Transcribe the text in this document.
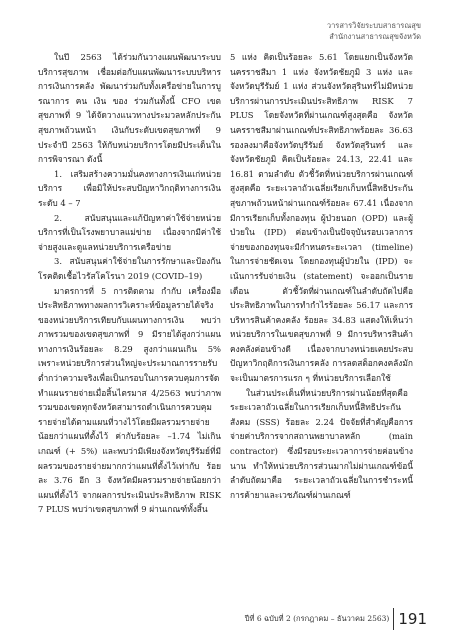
วารสารวิจัยระบบสาธารณสุข
สำนักงานสาธารณสุขจังหวัด

ในปี 2563 ได้ร่วมกันวางแผนพัฒนาระบบบริการสุขภาพ เชื่อมต่อกับแผนพัฒนาระบบบริหารการเงินการคลัง พัฒนาร่วมกับทั้งเครือข่ายในการบูรณาการ คน เงิน ของ ร่วมกันทั้งนี้ CFO เขตสุขภาพที่ 9 ได้จัดวางแนวทางประมวลหลักประกันสุขภาพถ้วนหน้า เงินกับระดับเขตสุขภาพที่ 9 ประจำปี 2563 ให้กับหน่วยบริการโดยมีประเด็นในการพิจารณา ดังนี้

1. เสริมสร้างความมั่นคงทางการเงินแก่หน่วยบริการ เพื่อมิให้ประสบปัญหาวิกฤติทางการเงิน ระดับ 4 – 7

2. สนับสนุนและแก้ปัญหาค่าใช้จ่ายหน่วยบริการที่เป็นโรงพยาบาลแม่ข่าย เนื่องจากมีค่าใช้จ่ายสูงและดูแลหน่วยบริการเครือข่าย

3. สนับสนุนค่าใช้จ่ายในการรักษาและป้องกันโรคติดเชื้อไวรัสโคโรนา 2019 (COVID–19)

มาตรการที่ 5 การติดตาม กำกับ เครื่องมือประสิทธิภาพทางผลการวิเคราะห์ข้อมูลรายได้จริงของหน่วยบริการเทียบกับแผนทางการเงิน พบว่าภาพรวมของเขตสุขภาพที่ 9 มีรายได้สูงกว่าแผนทางการเงินร้อยละ 8.29 สูงกว่าแผนเกิน 5% เพราะหน่วยบริการส่วนใหญ่จะประมาณการรายรับต่ำกว่าความจริงเพื่อเป็นกรอบในการควบคุมการจัดทำแผนรายจ่ายเมื่อสิ้นไตรมาส 4/2563 พบว่าภาพรวมของเขตทุกจังหวัดสามารถดำเนินการควบคุมรายจ่ายได้ตามแผนที่วางไว้โดยมีผลรวมรายจ่ายน้อยกว่าแผนที่ตั้งไว้ ค่ากับร้อยละ –1.74 ไม่เกินเกณฑ์ (+ 5%) และพบว่ามีเพียงจังหวัดบุรีรัมย์ที่มีผลรวมของรายจ่ายมากกว่าแผนที่ตั้งไว้เท่ากับ ร้อยละ 3.76 อีก 3 จังหวัดมีผลรวมรายจ่ายน้อยกว่าแผนที่ตั้งไว้ จากผลการประเมินประสิทธิภาพ RISK 7 PLUS พบว่าเขตสุขภาพที่ 9 ผ่านเกณฑ์ทั้งสิ้น

5 แห่ง คิดเป็นร้อยละ 5.61 โดยแยกเป็นจังหวัดนครราชสีมา 1 แห่ง จังหวัดชัยภูมิ 3 แห่ง และจังหวัดบุรีรัมย์ 1 แห่ง ส่วนจังหวัดสุรินทร์ไม่มีหน่วยบริการผ่านการประเมินประสิทธิภาพ RISK 7 PLUS โดยจังหวัดที่ผ่านเกณฑ์สูงสุดคือ จังหวัดนครราชสีมาผ่านเกณฑ์ประสิทธิภาพร้อยละ 36.63 รองลงมาคือจังหวัดบุรีรัมย์ จังหวัดสุรินทร์ และจังหวัดชัยภูมิ คิดเป็นร้อยละ 24.13, 22.41 และ 16.81 ตามลำดับ ตัวชี้วัดที่หน่วยบริการผ่านเกณฑ์สูงสุดคือ ระยะเวลาถัวเฉลี่ยเรียกเก็บหนี้สิทธิประกันสุขภาพถ้วนหน้าผ่านเกณฑ์ร้อยละ 67.41 เนื่องจากมีการเรียกเก็บทั้งกองทุน ผู้ป่วยนอก (OPD) และผู้ป่วยใน (IPD) ค่อนข้างเป็นปัจจุบันรอบเวลาการจ่ายของกองทุนจะมีกำหนดระยะเวลา (timeline) ในการจ่ายชัดเจน โดยกองทุนผู้ป่วยใน (IPD) จะเน้นการรับจ่ายเงิน (statement) จะออกเป็นรายเดือน ตัวชี้วัดที่ผ่านเกณฑ์ในลำดับถัดไปคือประสิทธิภาพในการทำกำไรร้อยละ 56.17 และการบริหารสินค้าคงคลัง ร้อยละ 34.83 แสดงให้เห็นว่า หน่วยบริการในเขตสุขภาพที่ 9 มีการบริหารสินค้าคงคลังค่อนข้างดี เนื่องจากบางหน่วยเคยประสบปัญหาวิกฤติการเงินการคลัง การลดสต็อกคงคลังมักจะเป็นมาตรการแรก ๆ ที่หน่วยบริการเลือกใช้

ในส่วนประเด็นที่หน่วยบริการผ่านน้อยที่สุดคือ ระยะเวลาถัวเฉลี่ยในการเรียกเก็บหนี้สิทธิประกันสังคม (SSS) ร้อยละ 2.24 ปัจจัยที่สำคัญคือการจ่ายค่าบริการจากสถานพยาบาลหลัก (main contractor) ซึ่งมีรอบระยะเวลาการจ่ายค่อนข้างนาน ทำให้หน่วยบริการส่วนมากไม่ผ่านเกณฑ์ข้อนี้ ลำดับถัดมาคือ ระยะเวลาถัวเฉลี่ยในการชำระหนี้การค้ายาและเวชภัณฑ์ผ่านเกณฑ์

ปีที่ 6 ฉบับที่ 2 (กรกฎาคม – ธันวาคม 2563) 191
